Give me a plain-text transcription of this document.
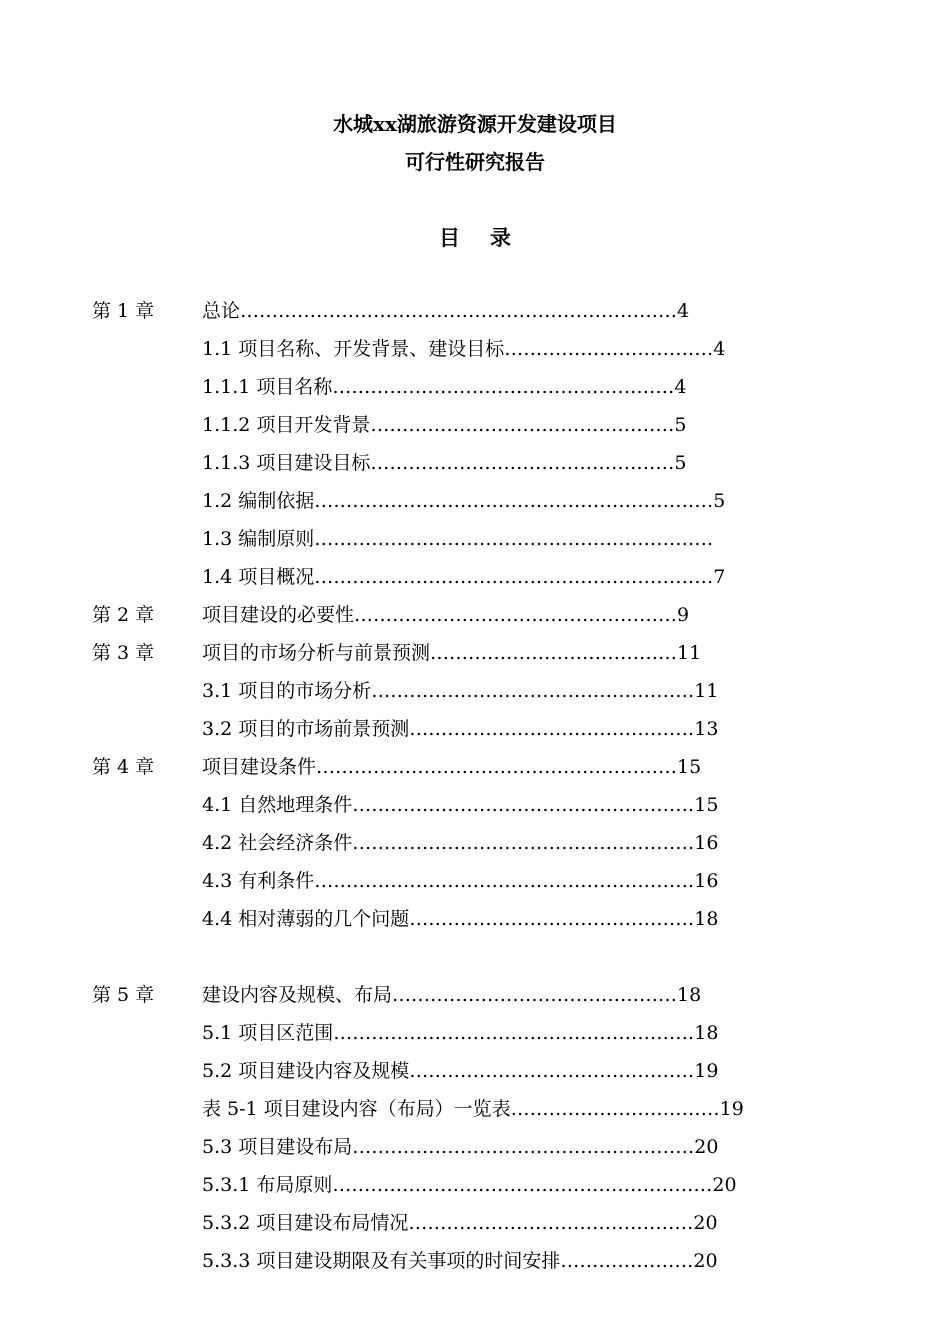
水城xx湖旅游资源开发建设项目
可行性研究报告
目 录
第 1 章	总论……………………………………………………………4
1.1 项目名称、开发背景、建设目标……………………………4
1.1.1 项目名称………………………………………………4
1.1.2 项目开发背景…………………………………………5
1.1.3 项目建设目标…………………………………………5
1.2 编制依据………………………………………………………5
1.3 编制原则………………………………………………………
1.4 项目概况………………………………………………………7
第 2 章	项目建设的必要性……………………………………………9
第 3 章	项目的市场分析与前景预测…………………………………11
3.1 项目的市场分析……………………………………………11
3.2 项目的市场前景预测………………………………………13
第 4 章	项目建设条件…………………………………………………15
4.1 自然地理条件………………………………………………15
4.2 社会经济条件………………………………………………16
4.3 有利条件……………………………………………………16
4.4 相对薄弱的几个问题………………………………………18
第 5 章	建设内容及规模、布局………………………………………18
5.1 项目区范围…………………………………………………18
5.2 项目建设内容及规模………………………………………19
表 5-1 项目建设内容（布局）一览表……………………………19
5.3 项目建设布局………………………………………………20
5.3.1 布局原则……………………………………………………20
5.3.2 项目建设布局情况………………………………………20
5.3.3 项目建设期限及有关事项的时间安排…………………20
